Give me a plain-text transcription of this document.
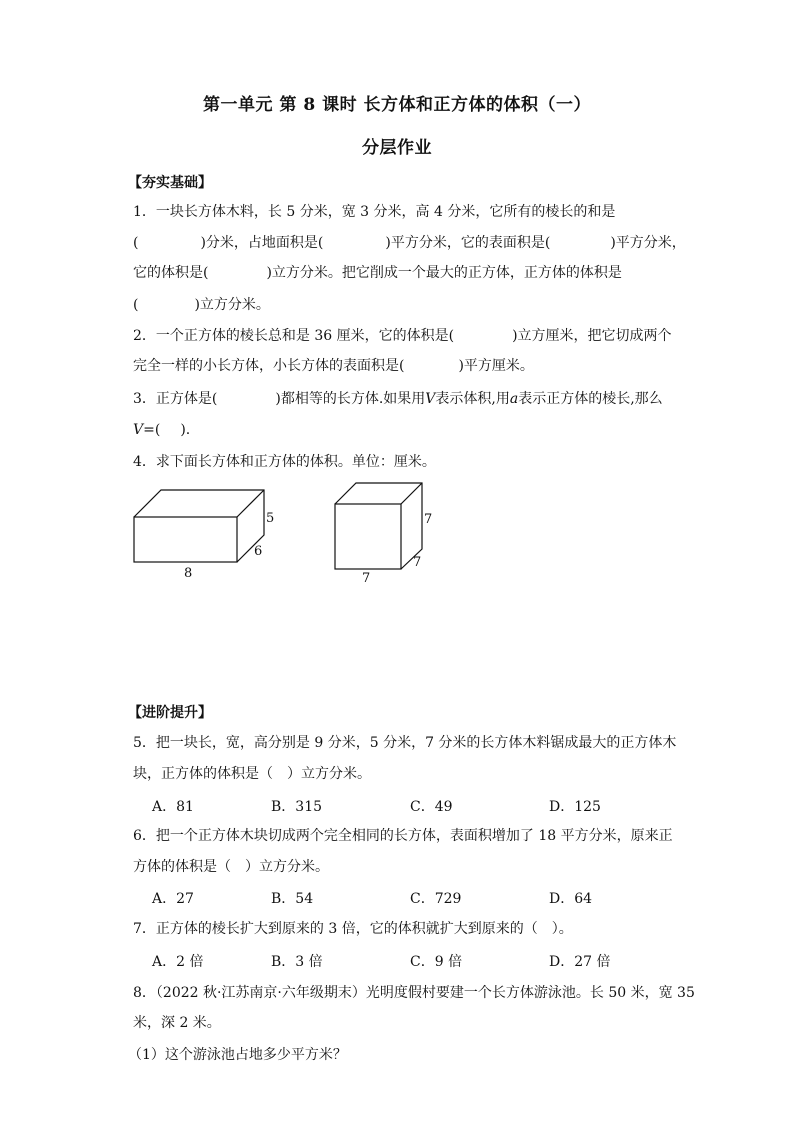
第一单元 第 8 课时 长方体和正方体的体积（一）
分层作业
【夯实基础】
1．一块长方体木料，长 5 分米，宽 3 分米，高 4 分米，它所有的棱长的和是
(	)分米，占地面积是(	)平方分米，它的表面积是(	)平方分米，
它的体积是(	)立方分米。把它削成一个最大的正方体，正方体的体积是
(	)立方分米。
2．一个正方体的棱长总和是 36 厘米，它的体积是(	)立方厘米，把它切成两个
完全一样的小长方体，小长方体的表面积是(	)平方厘米。
3．正方体是(	)都相等的长方体.如果用V表示体积,用a表示正方体的棱长,那么
V=( ).
4．求下面长方体和正方体的体积。单位：厘米。
5
6
8
7
7
7
【进阶提升】
5．把一块长，宽，高分别是 9 分米，5 分米，7 分米的长方体木料锯成最大的正方体木
块，正方体的体积是（　）立方分米。
A．81	B．315	C．49	D．125
6．把一个正方体木块切成两个完全相同的长方体，表面积增加了 18 平方分米，原来正
方体的体积是（　）立方分米。
A．27	B．54	C．729	D．64
7．正方体的棱长扩大到原来的 3 倍，它的体积就扩大到原来的（　）。
A．2 倍	B．3 倍	C．9 倍	D．27 倍
8．（2022 秋·江苏南京·六年级期末）光明度假村要建一个长方体游泳池。长 50 米，宽 35
米，深 2 米。
（1）这个游泳池占地多少平方米？
